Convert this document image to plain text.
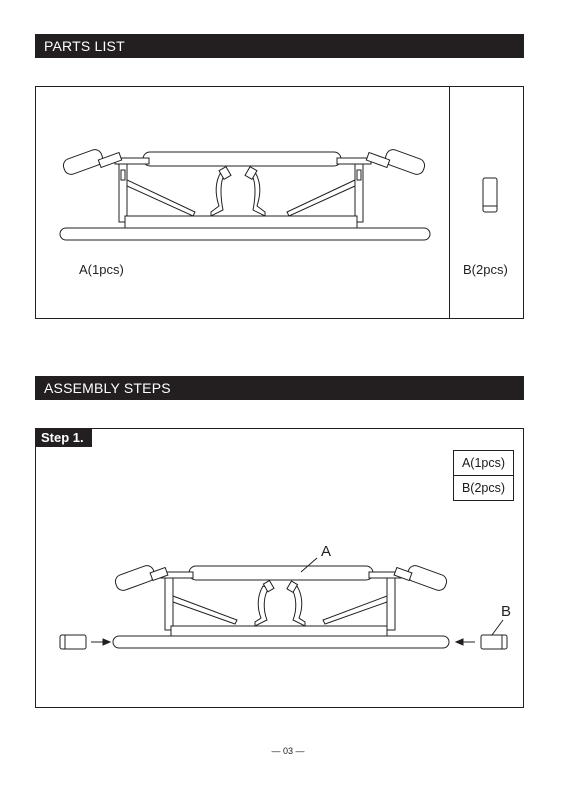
PARTS LIST
A(1pcs)	B(2pcs)
ASSEMBLY STEPS
Step 1.
A(1pcs)
B(2pcs)
A
B
— 03 —
